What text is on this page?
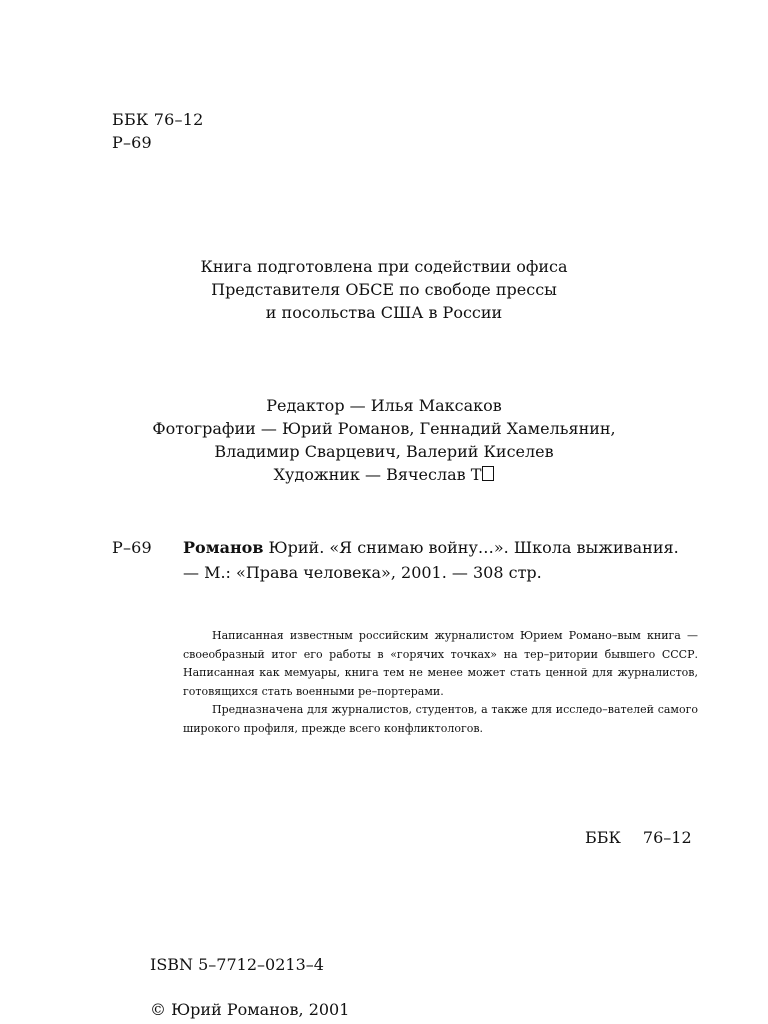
ББК 76–12
Р–69
Книга подготовлена при содействии офиса
Представителя ОБСЕ по свободе прессы
и посольства США в России
Редактор — Илья Максаков
Фотографии — Юрий Романов, Геннадий Хамельянин,
Владимир Сварцевич, Валерий Киселев
Художник — Вячеслав Т
Р–69 Романов Юрий. «Я снимаю войну…». Школа выживания.
— М.: «Права человека», 2001. — 308 стр.

Написанная известным российским журналистом Юрием Романо–вым книга — своеобразный итог его работы в «горячих точках» на тер–ритории бывшего СССР. Написанная как мемуары, книга тем не менее может стать ценной для журналистов, готовящихся стать военными ре–портерами.

Предназначена для журналистов, студентов, а также для исследо–вателей самого широкого профиля, прежде всего конфликтологов.

ББК 76–12
ISBN 5–7712–0213–4
© Юрий Романов, 2001
